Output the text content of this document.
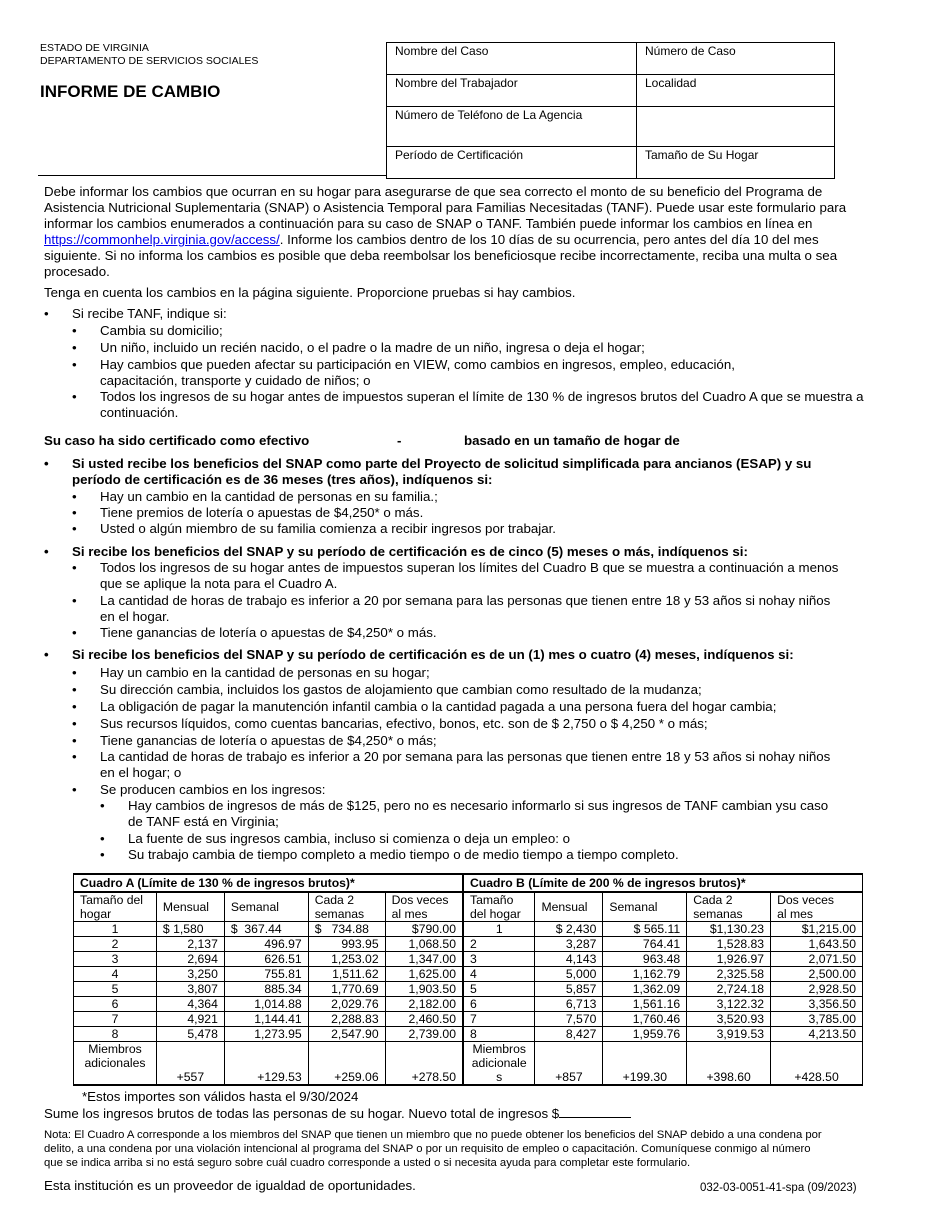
ESTADO DE VIRGINIA
DEPARTAMENTO DE SERVICIOS SOCIALES
INFORME DE CAMBIO
Nombre del Caso	Número de Caso
Nombre del Trabajador	Localidad
Número de Teléfono de La Agencia	
Período de Certificación	Tamaño de Su Hogar
Debe informar los cambios que ocurran en su hogar para asegurarse de que sea correcto el monto de su beneficio del Programa de
Asistencia Nutricional Suplementaria (SNAP) o Asistencia Temporal para Familias Necesitadas (TANF). Puede usar este formulario para
informar los cambios enumerados a continuación para su caso de SNAP o TANF. También puede informar los cambios en línea en
https://commonhelp.virginia.gov/access/. Informe los cambios dentro de los 10 días de su ocurrencia, pero antes del día 10 del mes
siguiente. Si no informa los cambios es posible que deba reembolsar los beneficiosque recibe incorrectamente, reciba una multa o sea
procesado.
Tenga en cuenta los cambios en la página siguiente. Proporcione pruebas si hay cambios.
• Si recibe TANF, indique si:
• Cambia su domicilio;
• Un niño, incluido un recién nacido, o el padre o la madre de un niño, ingresa o deja el hogar;
• Hay cambios que pueden afectar su participación en VIEW, como cambios en ingresos, empleo, educación,
capacitación, transporte y cuidado de niños; o
• Todos los ingresos de su hogar antes de impuestos superan el límite de 130 % de ingresos brutos del Cuadro A que se muestra a
continuación.
Su caso ha sido certificado como efectivo	-	basado en un tamaño de hogar de
• Si usted recibe los beneficios del SNAP como parte del Proyecto de solicitud simplificada para ancianos (ESAP) y su
período de certificación es de 36 meses (tres años), indíquenos si:
• Hay un cambio en la cantidad de personas en su familia.;
• Tiene premios de lotería o apuestas de $4,250* o más.
• Usted o algún miembro de su familia comienza a recibir ingresos por trabajar.
• Si recibe los beneficios del SNAP y su período de certificación es de cinco (5) meses o más, indíquenos si:
• Todos los ingresos de su hogar antes de impuestos superan los límites del Cuadro B que se muestra a continuación a menos
que se aplique la nota para el Cuadro A.
• La cantidad de horas de trabajo es inferior a 20 por semana para las personas que tienen entre 18 y 53 años si nohay niños
en el hogar.
• Tiene ganancias de lotería o apuestas de $4,250* o más.
• Si recibe los beneficios del SNAP y su período de certificación es de un (1) mes o cuatro (4) meses, indíquenos si:
• Hay un cambio en la cantidad de personas en su hogar;
• Su dirección cambia, incluidos los gastos de alojamiento que cambian como resultado de la mudanza;
• La obligación de pagar la manutención infantil cambia o la cantidad pagada a una persona fuera del hogar cambia;
• Sus recursos líquidos, como cuentas bancarias, efectivo, bonos, etc. son de $ 2,750 o $ 4,250 * o más;
• Tiene ganancias de lotería o apuestas de $4,250* o más;
• La cantidad de horas de trabajo es inferior a 20 por semana para las personas que tienen entre 18 y 53 años si nohay niños
en el hogar; o
• Se producen cambios en los ingresos:
• Hay cambios de ingresos de más de $125, pero no es necesario informarlo si sus ingresos de TANF cambian ysu caso
de TANF está en Virginia;
• La fuente de sus ingresos cambia, incluso si comienza o deja un empleo: o
• Su trabajo cambia de tiempo completo a medio tiempo o de medio tiempo a tiempo completo.
Cuadro A (Límite de 130 % de ingresos brutos)*					Cuadro B (Límite de 200 % de ingresos brutos)*				
Tamaño del
hogar	Mensual	Semanal	Cada 2
semanas	Dos veces
al mes	Tamaño
del hogar	Mensual	Semanal	Cada 2
semanas	Dos veces
al mes
1	$ 1,580	$  367.44	$   734.88	$790.00	1	$ 2,430	$ 565.11	$1,130.23	$1,215.00
2	2,137	496.97	993.95	1,068.50	2	3,287	764.41	1,528.83	1,643.50
3	2,694	626.51	1,253.02	1,347.00	3	4,143	963.48	1,926.97	2,071.50
4	3,250	755.81	1,511.62	1,625.00	4	5,000	1,162.79	2,325.58	2,500.00
5	3,807	885.34	1,770.69	1,903.50	5	5,857	1,362.09	2,724.18	2,928.50
6	4,364	1,014.88	2,029.76	2,182.00	6	6,713	1,561.16	3,122.32	3,356.50
7	4,921	1,144.41	2,288.83	2,460.50	7	7,570	1,760.46	3,520.93	3,785.00
8	5,478	1,273.95	2,547.90	2,739.00	8	8,427	1,959.76	3,919.53	4,213.50
Miembros
adicionales	+557	+129.53	+259.06	+278.50	Miembros
adicionale
s	+857	+199.30	+398.60	+428.50
*Estos importes son válidos hasta el 9/30/2024
Sume los ingresos brutos de todas las personas de su hogar. Nuevo total de ingresos $
Nota: El Cuadro A corresponde a los miembros del SNAP que tienen un miembro que no puede obtener los beneficios del SNAP debido a una condena por
delito, a una condena por una violación intencional al programa del SNAP o por un requisito de empleo o capacitación. Comuníquese conmigo al número
que se indica arriba si no está seguro sobre cuál cuadro corresponde a usted o si necesita ayuda para completar este formulario.
Esta institución es un proveedor de igualdad de oportunidades.	032-03-0051-41-spa (09/2023)
